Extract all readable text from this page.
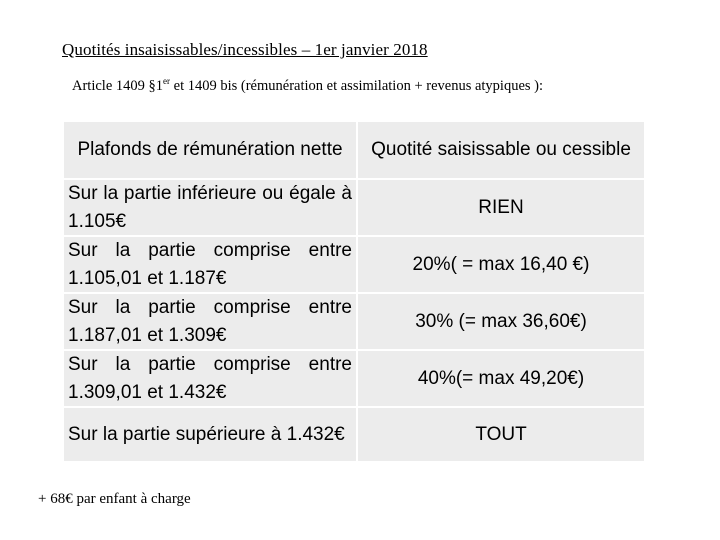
Quotités insaisissables/incessibles – 1er janvier 2018
Article 1409 §1er et 1409 bis (rémunération et assimilation + revenus atypiques ):
Plafonds de rémunération nette		Quotité saisissable ou cessible
Sur la partie inférieure ou égale à 1.105€		RIEN
Sur la partie comprise entre 1.105,01 et 1.187€		20%( = max 16,40 €)
Sur la partie comprise entre 1.187,01 et 1.309€		30% (= max 36,60€)
Sur la partie comprise entre 1.309,01 et 1.432€		40%(= max 49,20€)
Sur la partie supérieure à 1.432€		TOUT
+ 68€ par enfant à charge
